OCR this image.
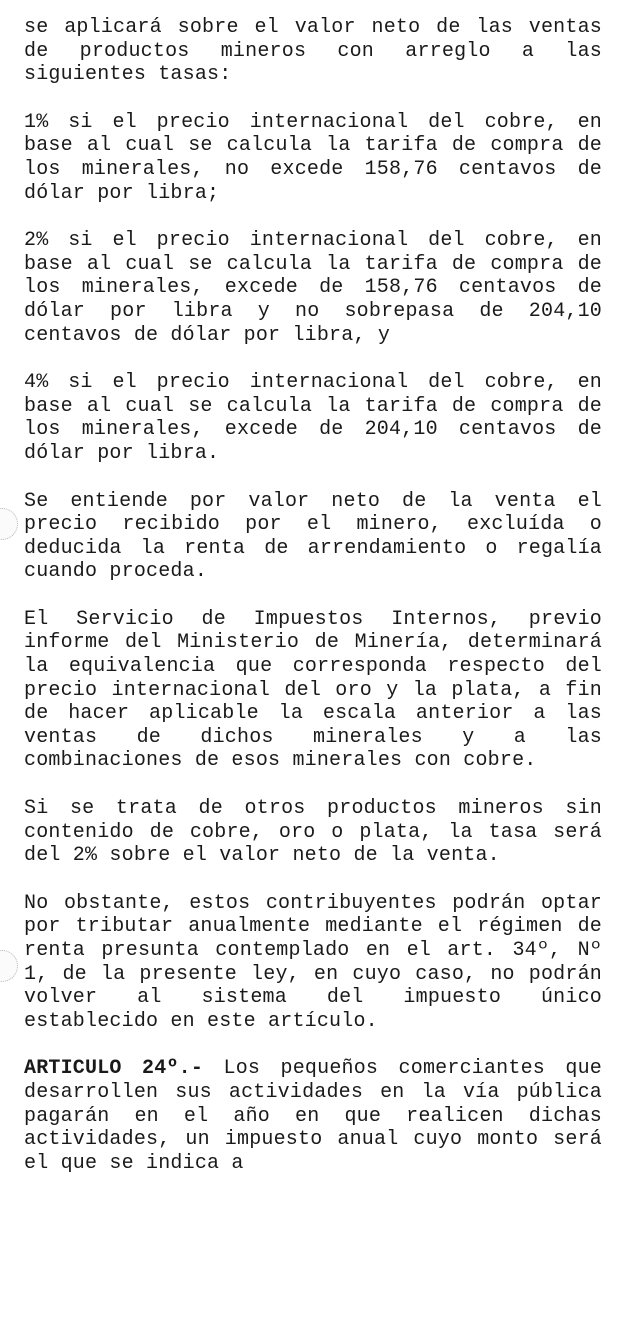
se aplicará sobre el valor neto de las ventas de productos mineros con arreglo a las siguientes tasas:

1% si el precio internacional del cobre, en base al cual se calcula la tarifa de compra de los minerales, no excede 158,76 centavos de dólar por libra;

2% si el precio internacional del cobre, en base al cual se calcula la tarifa de compra de los minerales, excede de 158,76 centavos de dólar por libra y no sobrepasa de 204,10 centavos de dólar por libra, y

4% si el precio internacional del cobre, en base al cual se calcula la tarifa de compra de los minerales, excede de 204,10 centavos de dólar por libra.

Se entiende por valor neto de la venta el precio recibido por el minero, excluída o deducida la renta de arrendamiento o regalía cuando proceda.

El Servicio de Impuestos Internos, previo informe del Ministerio de Minería, determinará la equivalencia que corresponda respecto del precio internacional del oro y la plata, a fin de hacer aplicable la escala anterior a las ventas de dichos minerales y a las combinaciones de esos minerales con cobre.

Si se trata de otros productos mineros sin contenido de cobre, oro o plata, la tasa será del 2% sobre el valor neto de la venta.

No obstante, estos contribuyentes podrán optar por tributar anualmente mediante el régimen de renta presunta contemplado en el art. 34º, Nº 1, de la presente ley, en cuyo caso, no podrán volver al sistema del impuesto único establecido en este artículo.

ARTICULO 24º.- Los pequeños comerciantes que desarrollen sus actividades en la vía pública pagarán en el año en que realicen dichas actividades, un impuesto anual cuyo monto será el que se indica a
